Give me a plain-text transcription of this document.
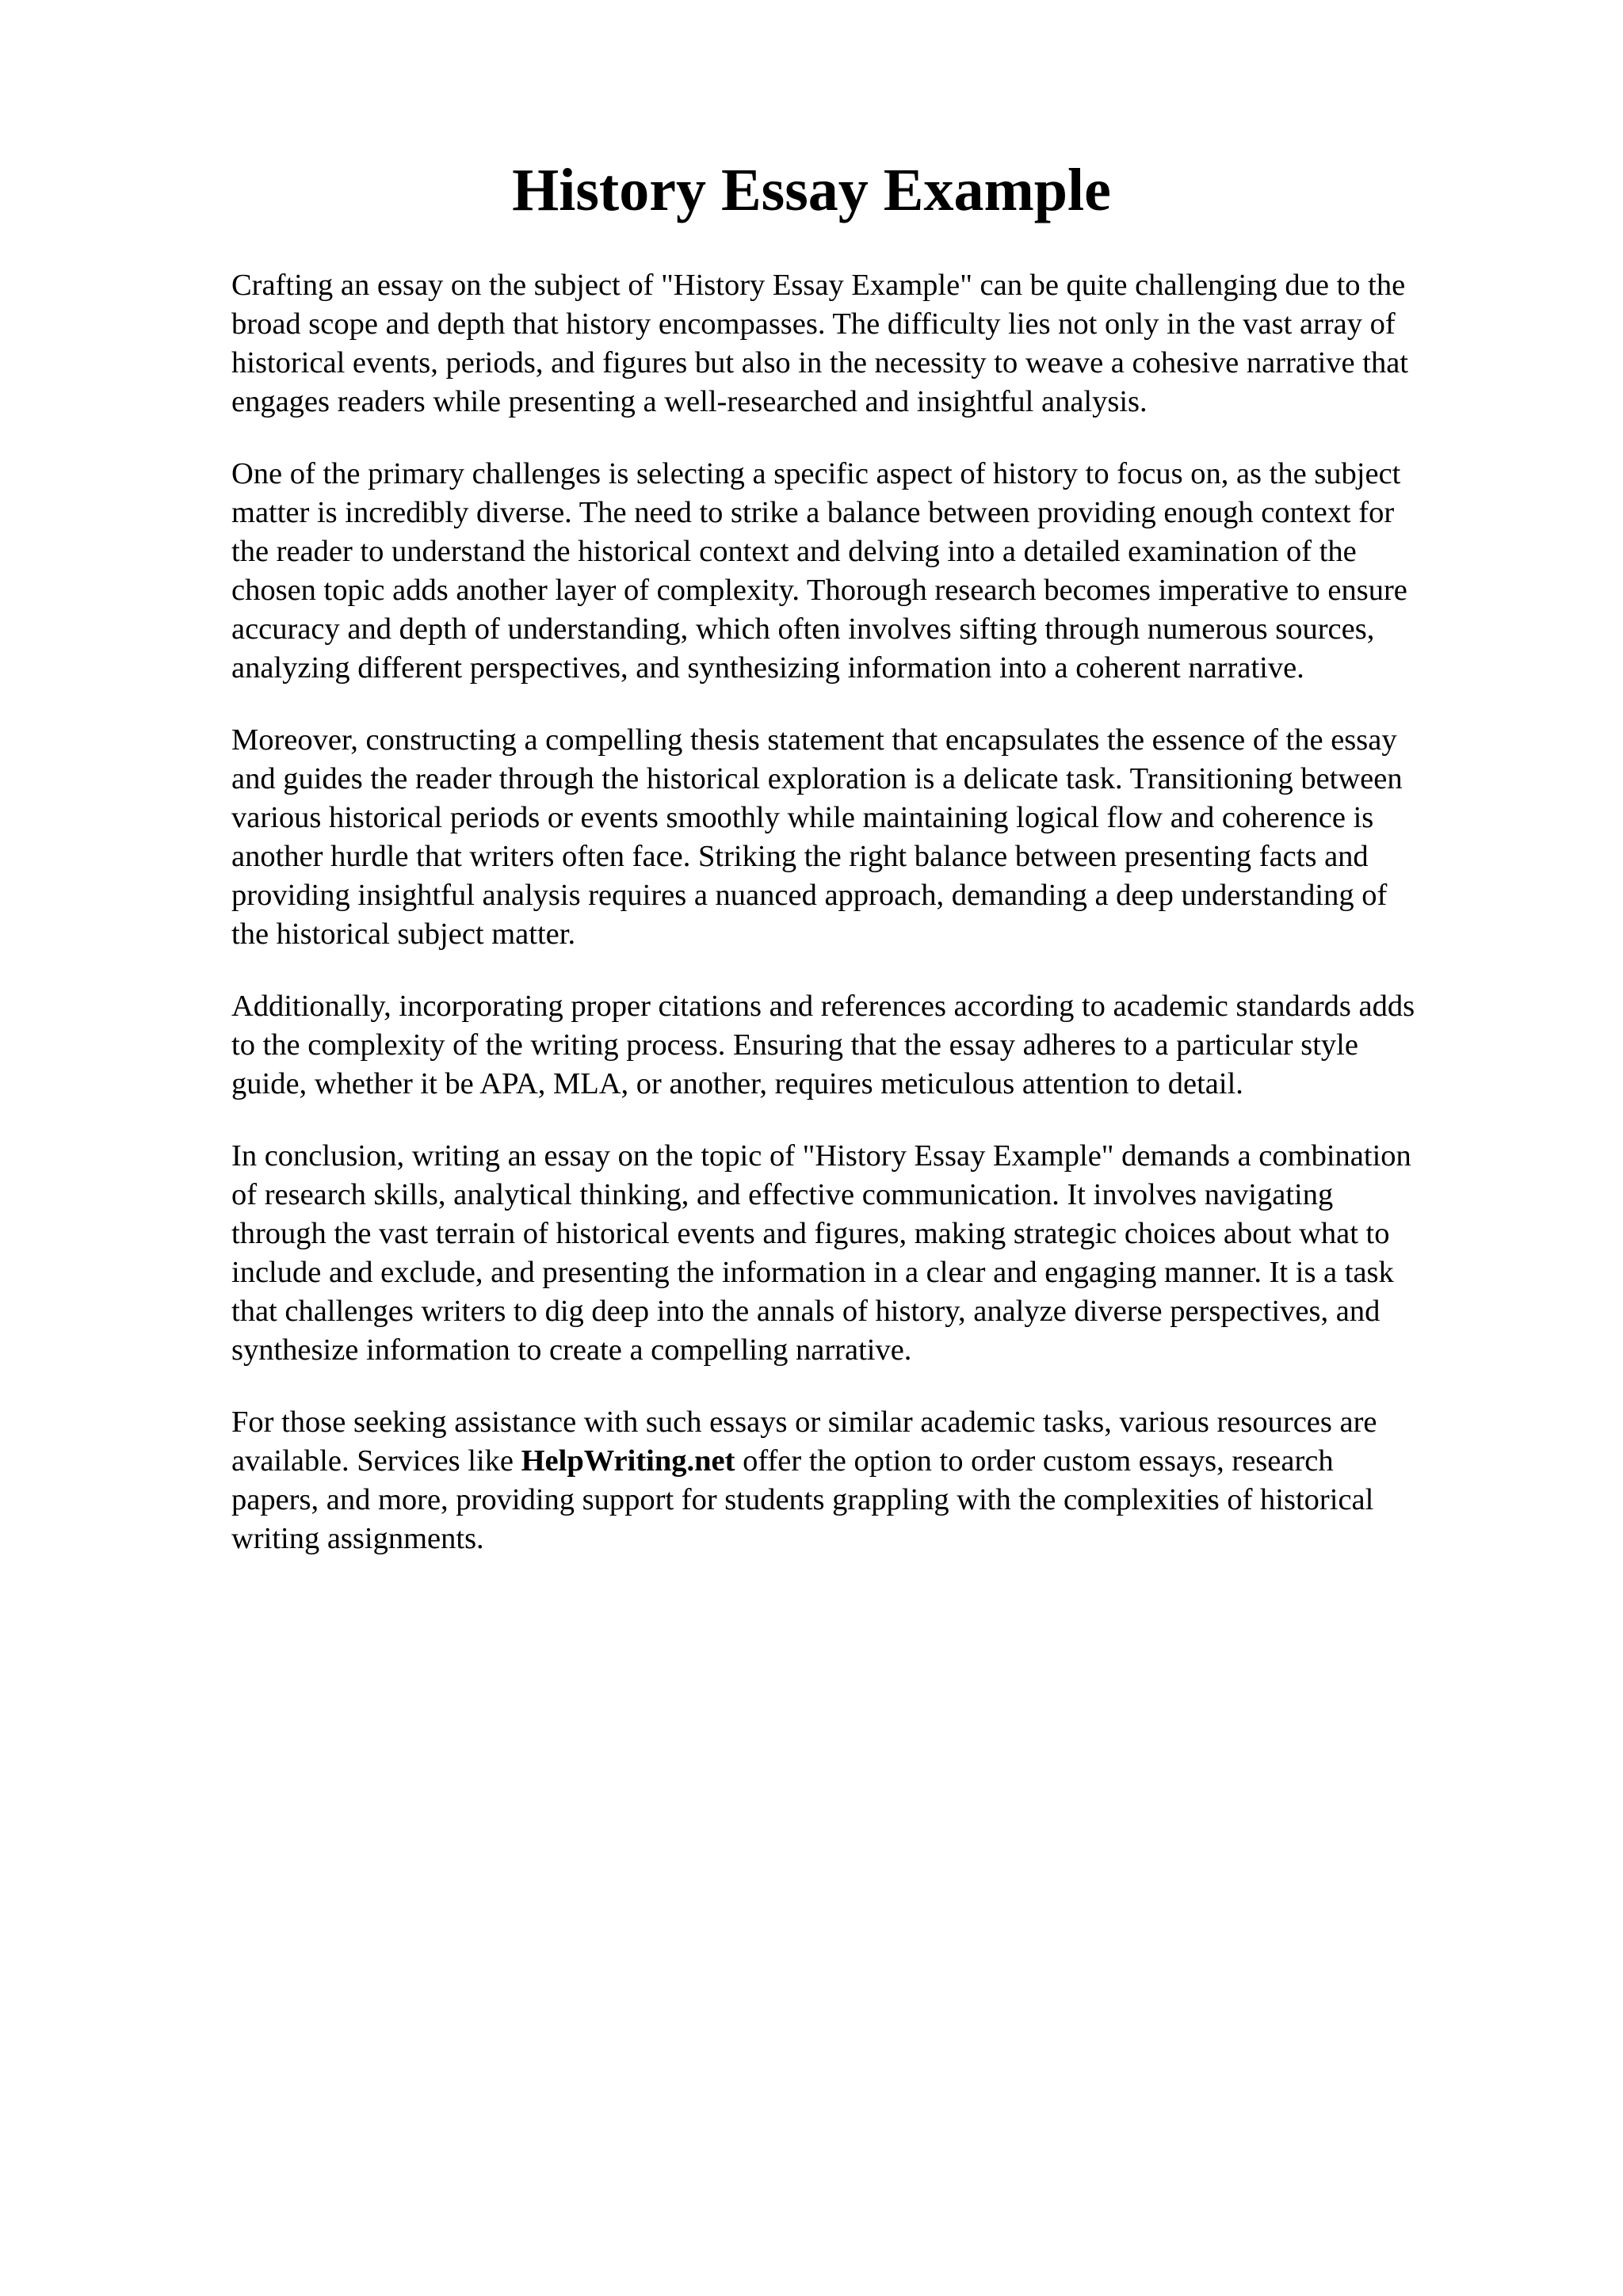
History Essay Example

Crafting an essay on the subject of "History Essay Example" can be quite challenging due to the
broad scope and depth that history encompasses. The difficulty lies not only in the vast array of
historical events, periods, and figures but also in the necessity to weave a cohesive narrative that
engages readers while presenting a well-researched and insightful analysis.

One of the primary challenges is selecting a specific aspect of history to focus on, as the subject
matter is incredibly diverse. The need to strike a balance between providing enough context for
the reader to understand the historical context and delving into a detailed examination of the
chosen topic adds another layer of complexity. Thorough research becomes imperative to ensure
accuracy and depth of understanding, which often involves sifting through numerous sources,
analyzing different perspectives, and synthesizing information into a coherent narrative.

Moreover, constructing a compelling thesis statement that encapsulates the essence of the essay
and guides the reader through the historical exploration is a delicate task. Transitioning between
various historical periods or events smoothly while maintaining logical flow and coherence is
another hurdle that writers often face. Striking the right balance between presenting facts and
providing insightful analysis requires a nuanced approach, demanding a deep understanding of
the historical subject matter.

Additionally, incorporating proper citations and references according to academic standards adds
to the complexity of the writing process. Ensuring that the essay adheres to a particular style
guide, whether it be APA, MLA, or another, requires meticulous attention to detail.

In conclusion, writing an essay on the topic of "History Essay Example" demands a combination
of research skills, analytical thinking, and effective communication. It involves navigating
through the vast terrain of historical events and figures, making strategic choices about what to
include and exclude, and presenting the information in a clear and engaging manner. It is a task
that challenges writers to dig deep into the annals of history, analyze diverse perspectives, and
synthesize information to create a compelling narrative.

For those seeking assistance with such essays or similar academic tasks, various resources are
available. Services like HelpWriting.net offer the option to order custom essays, research
papers, and more, providing support for students grappling with the complexities of historical
writing assignments.
